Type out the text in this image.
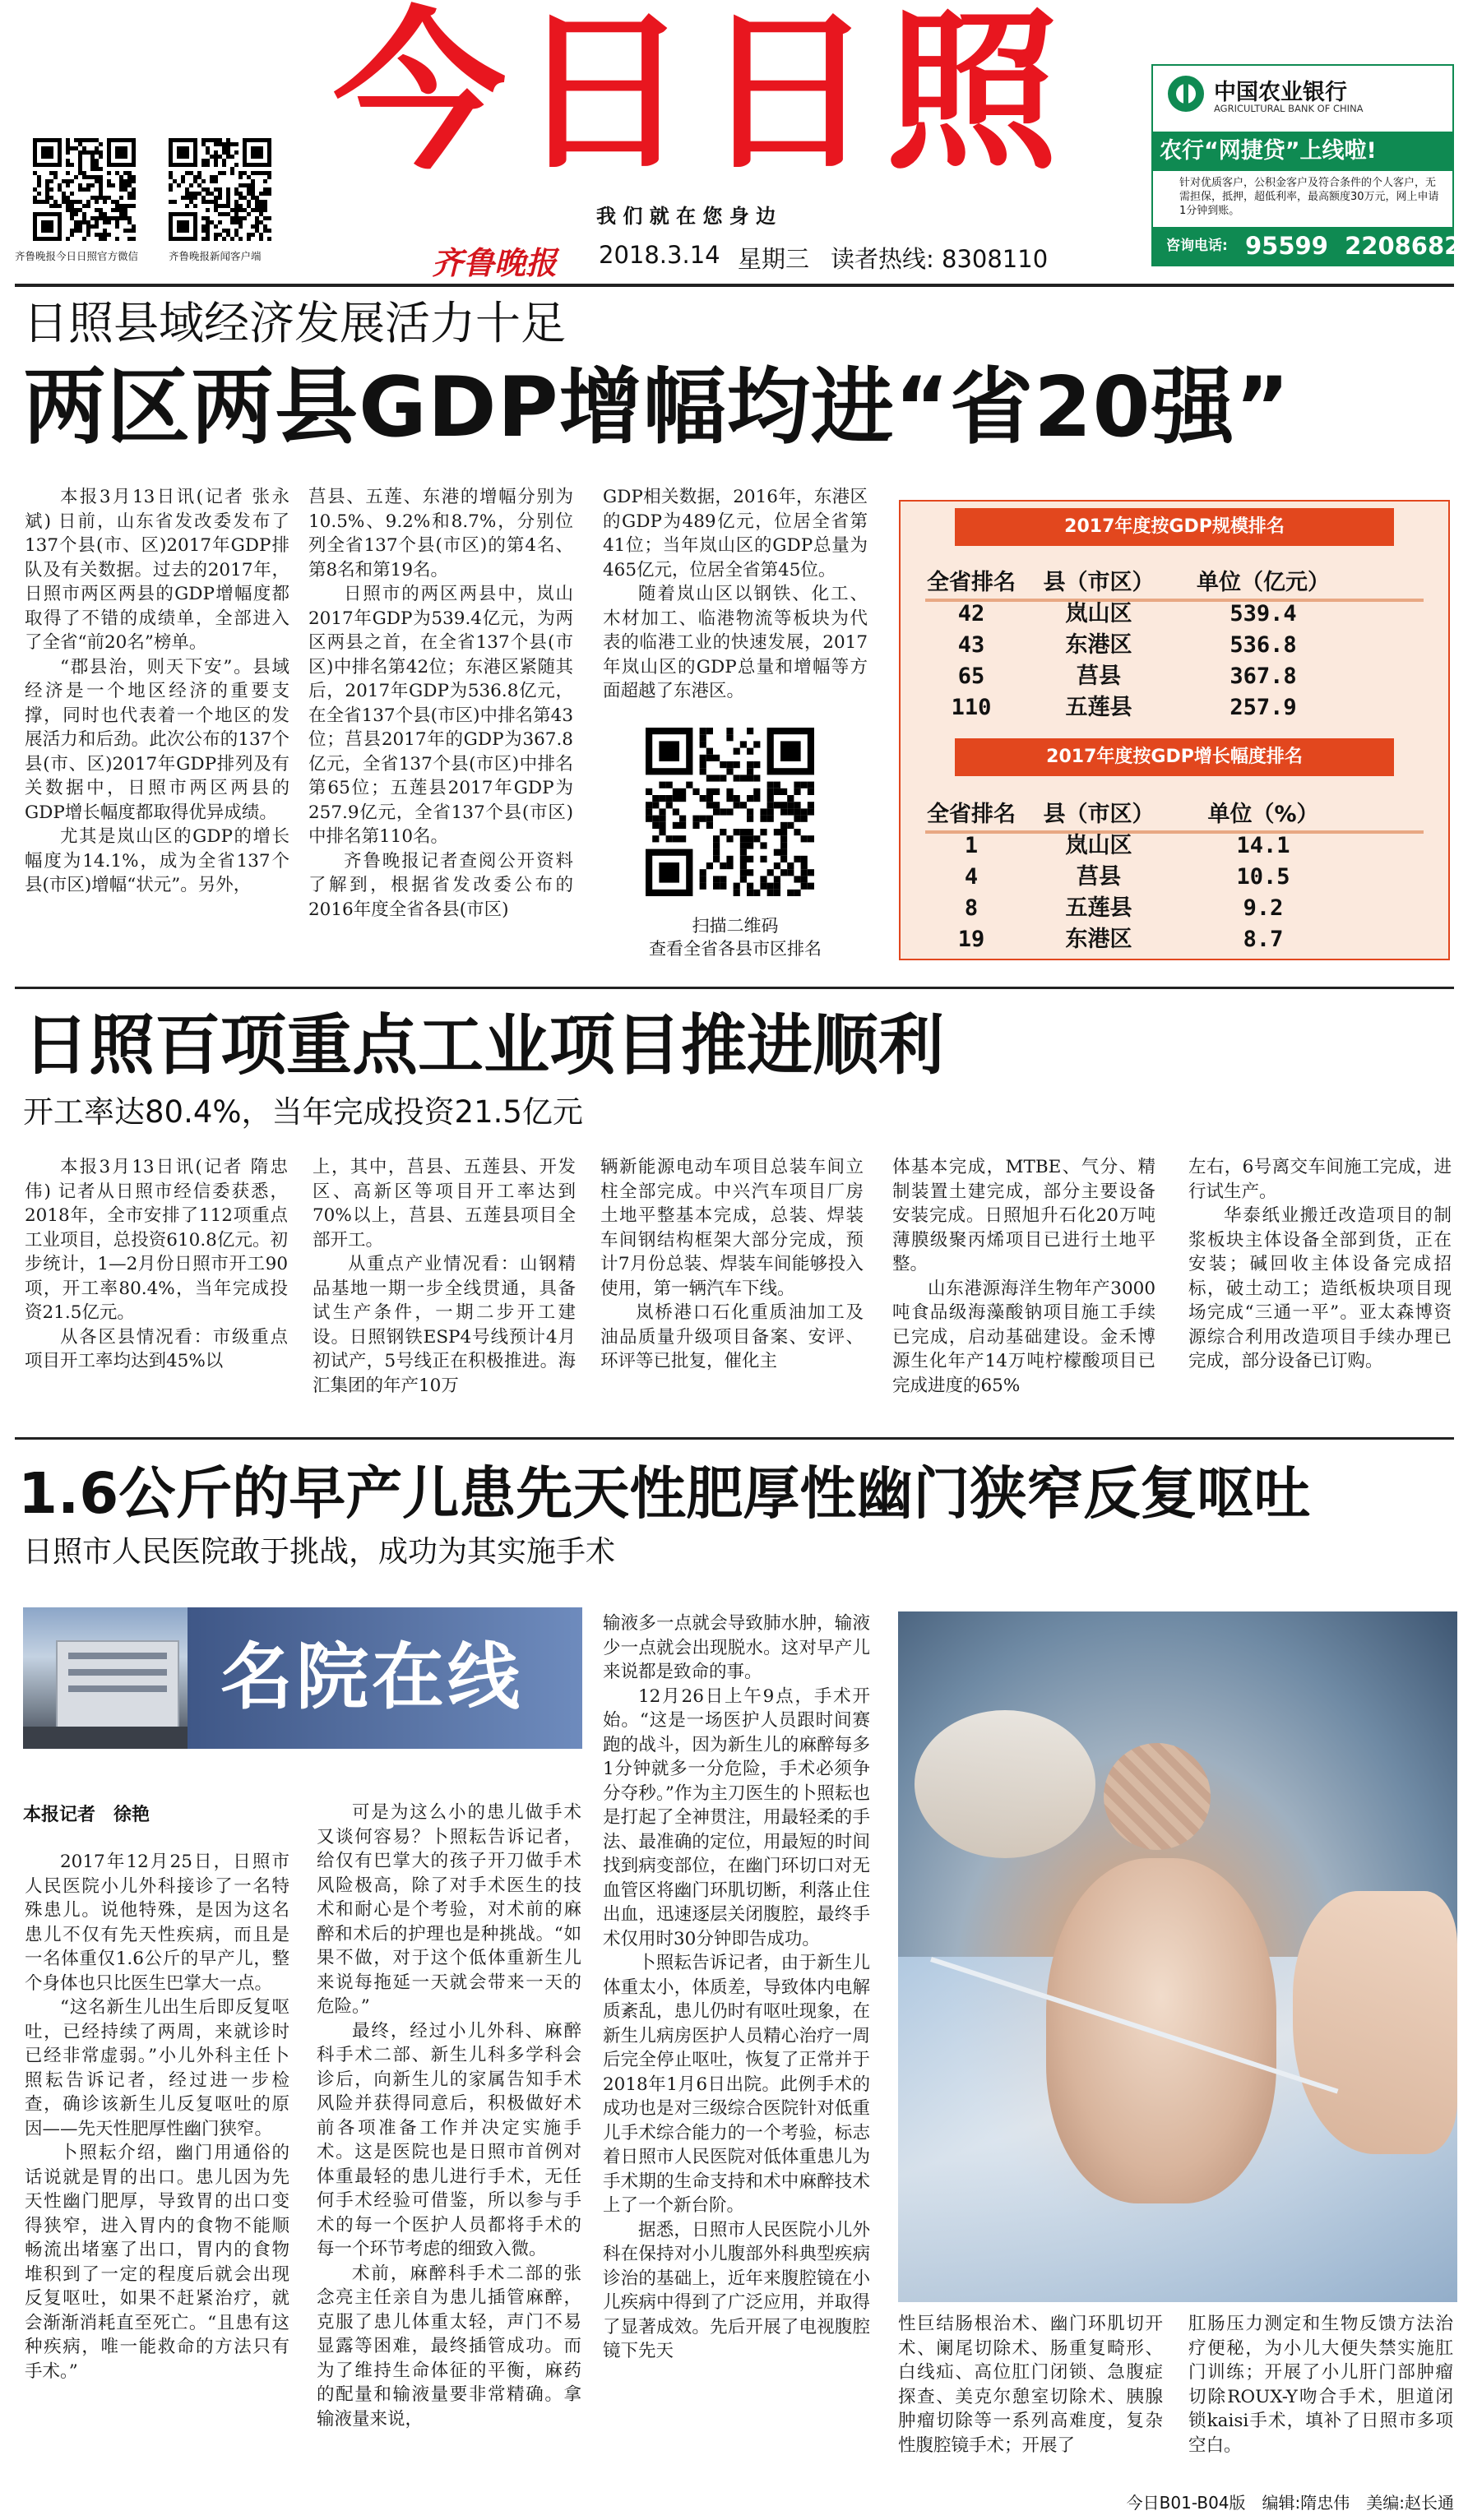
齐鲁晚报今日日照官方微信	齐鲁晚报新闻客户端
今日日照
我 们 就 在 您 身 边
齐鲁晚报	2018.3.14 星期三 读者热线: 8308110
中国农业银行
AGRICULTURAL BANK OF CHINA
农行“网捷贷”上线啦!
针对优质客户，公积金客户及符合条件的个人客户，无需担保，抵押，超低利率，最高额度30万元，网上申请1分钟到账。
咨询电话: 95599  2208682
日照县域经济发展活力十足
两区两县GDP增幅均进“省20强”

本报3月13日讯(记者 张永斌) 日前，山东省发改委发布了137个县(市、区)2017年GDP排队及有关数据。过去的2017年，日照市两区两县的GDP增幅度都取得了不错的成绩单，全部进入了全省“前20名”榜单。

“郡县治，则天下安”。县域经济是一个地区经济的重要支撑，同时也代表着一个地区的发展活力和后劲。此次公布的137个县(市、区)2017年GDP排列及有关数据中，日照市两区两县的GDP增长幅度都取得优异成绩。

尤其是岚山区的GDP的增长幅度为14.1%，成为全省137个县(市区)增幅“状元”。另外，

莒县、五莲、东港的增幅分别为10.5%、9.2%和8.7%，分别位列全省137个县(市区)的第4名、第8名和第19名。

日照市的两区两县中，岚山2017年GDP为539.4亿元，为两区两县之首，在全省137个县(市区)中排名第42位；东港区紧随其后，2017年GDP为536.8亿元，在全省137个县(市区)中排名第43位；莒县2017年的GDP为367.8亿元，全省137个县(市区)中排名第65位；五莲县2017年GDP为257.9亿元，全省137个县(市区)中排名第110名。

齐鲁晚报记者查阅公开资料了解到，根据省发改委公布的2016年度全省各县(市区)

GDP相关数据，2016年，东港区的GDP为489亿元，位居全省第41位；当年岚山区的GDP总量为465亿元，位居全省第45位。

随着岚山区以钢铁、化工、木材加工、临港物流等板块为代表的临港工业的快速发展，2017年岚山区的GDP总量和增幅等方面超越了东港区。

扫描二维码
查看全省各县市区排名
2017年度按GDP规模排名
全省排名	县（市区）	单位（亿元）
42	岚山区	539.4
43	东港区	536.8
65	莒县	367.8
110	五莲县	257.9
2017年度按GDP增长幅度排名
全省排名	县（市区）	单位（%）
1	岚山区	14.1
4	莒县	10.5
8	五莲县	9.2
19	东港区	8.7
日照百项重点工业项目推进顺利
开工率达80.4%，当年完成投资21.5亿元

本报3月13日讯(记者 隋忠伟) 记者从日照市经信委获悉，2018年，全市安排了112项重点工业项目，总投资610.8亿元。初步统计，1—2月份日照市开工90项，开工率80.4%，当年完成投资21.5亿元。

从各区县情况看：市级重点项目开工率均达到45%以

上，其中，莒县、五莲县、开发区、高新区等项目开工率达到70%以上，莒县、五莲县项目全部开工。

从重点产业情况看：山钢精品基地一期一步全线贯通，具备试生产条件，一期二步开工建设。日照钢铁ESP4号线预计4月初试产，5号线正在积极推进。海汇集团的年产10万

辆新能源电动车项目总装车间立柱全部完成。中兴汽车项目厂房土地平整基本完成，总装、焊装车间钢结构框架大部分完成，预计7月份总装、焊装车间能够投入使用，第一辆汽车下线。

岚桥港口石化重质油加工及油品质量升级项目备案、安评、环评等已批复，催化主

体基本完成，MTBE、气分、精制装置土建完成，部分主要设备安装完成。日照旭升石化20万吨薄膜级聚丙烯项目已进行土地平整。

山东港源海洋生物年产3000吨食品级海藻酸钠项目施工手续已完成，启动基础建设。金禾博源生化年产14万吨柠檬酸项目已完成进度的65%

左右，6号离交车间施工完成，进行试生产。

华泰纸业搬迁改造项目的制浆板块主体设备全部到货，正在安装；碱回收主体设备完成招标，破土动工；造纸板块项目现场完成“三通一平”。亚太森博资源综合利用改造项目手续办理已完成，部分设备已订购。

1.6公斤的早产儿患先天性肥厚性幽门狭窄反复呕吐
日照市人民医院敢于挑战，成功为其实施手术
名院在线
本报记者　徐艳

2017年12月25日，日照市人民医院小儿外科接诊了一名特殊患儿。说他特殊，是因为这名患儿不仅有先天性疾病，而且是一名体重仅1.6公斤的早产儿，整个身体也只比医生巴掌大一点。

“这名新生儿出生后即反复呕吐，已经持续了两周，来就诊时已经非常虚弱。”小儿外科主任卜照耘告诉记者，经过进一步检查，确诊该新生儿反复呕吐的原因——先天性肥厚性幽门狭窄。

卜照耘介绍，幽门用通俗的话说就是胃的出口。患儿因为先天性幽门肥厚，导致胃的出口变得狭窄，进入胃内的食物不能顺畅流出堵塞了出口，胃内的食物堆积到了一定的程度后就会出现反复呕吐，如果不赶紧治疗，就会渐渐消耗直至死亡。“且患有这种疾病，唯一能救命的方法只有手术。”

可是为这么小的患儿做手术又谈何容易？卜照耘告诉记者，给仅有巴掌大的孩子开刀做手术风险极高，除了对手术医生的技术和耐心是个考验，对术前的麻醉和术后的护理也是种挑战。“如果不做，对于这个低体重新生儿来说每拖延一天就会带来一天的危险。”

最终，经过小儿外科、麻醉科手术二部、新生儿科多学科会诊后，向新生儿的家属告知手术风险并获得同意后，积极做好术前各项准备工作并决定实施手术。这是医院也是日照市首例对体重最轻的患儿进行手术，无任何手术经验可借鉴，所以参与手术的每一个医护人员都将手术的每一个环节考虑的细致入微。

术前，麻醉科手术二部的张念亮主任亲自为患儿插管麻醉，克服了患儿体重太轻，声门不易显露等困难，最终插管成功。而为了维持生命体征的平衡，麻药的配量和输液量要非常精确。拿输液量来说，

输液多一点就会导致肺水肿，输液少一点就会出现脱水。这对早产儿来说都是致命的事。

12月26日上午9点，手术开始。“这是一场医护人员跟时间赛跑的战斗，因为新生儿的麻醉每多1分钟就多一分危险，手术必须争分夺秒。”作为主刀医生的卜照耘也是打起了全神贯注，用最轻柔的手法、最准确的定位，用最短的时间找到病变部位，在幽门环切口对无血管区将幽门环肌切断，利落止住出血，迅速逐层关闭腹腔，最终手术仅用时30分钟即告成功。

卜照耘告诉记者，由于新生儿体重太小，体质差，导致体内电解质紊乱，患儿仍时有呕吐现象，在新生儿病房医护人员精心治疗一周后完全停止呕吐，恢复了正常并于2018年1月6日出院。此例手术的成功也是对三级综合医院针对低重儿手术综合能力的一个考验，标志着日照市人民医院对低体重患儿为手术期的生命支持和术中麻醉技术上了一个新台阶。

据悉，日照市人民医院小儿外科在保持对小儿腹部外科典型疾病诊治的基础上，近年来腹腔镜在小儿疾病中得到了广泛应用，并取得了显著成效。先后开展了电视腹腔镜下先天

性巨结肠根治术、幽门环肌切开术、阑尾切除术、肠重复畸形、白线疝、高位肛门闭锁、急腹症探查、美克尔憩室切除术、胰腺肿瘤切除等一系列高难度，复杂性腹腔镜手术；开展了

肛肠压力测定和生物反馈方法治疗便秘，为小儿大便失禁实施肛门训练；开展了小儿肝门部肿瘤切除ROUX-Y吻合手术，胆道闭锁kaisi手术，填补了日照市多项空白。

今日B01-B04版　编辑:隋忠伟　美编:赵长通
